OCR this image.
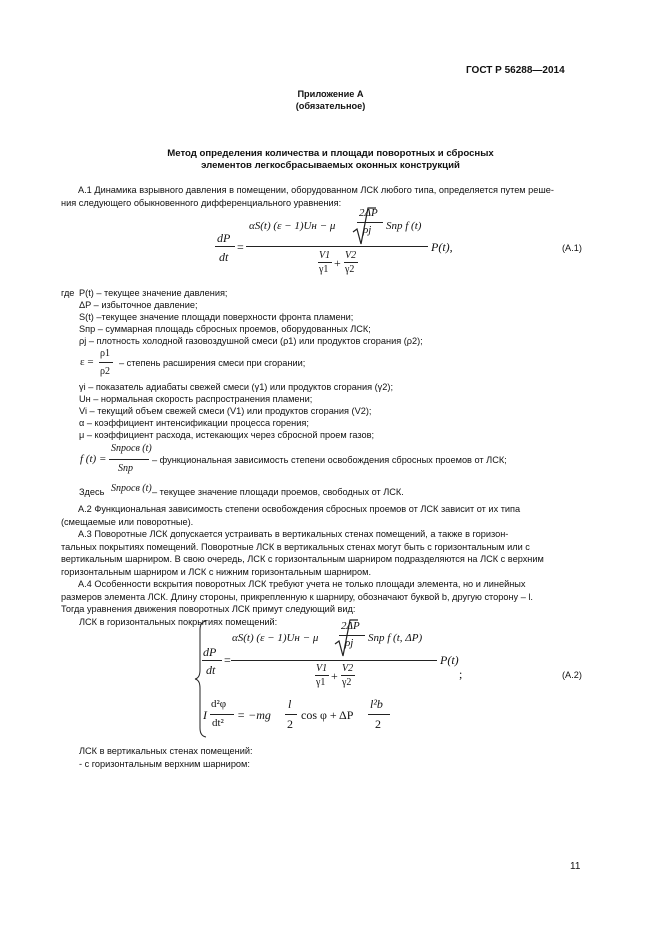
ГОСТ Р 56288—2014
Приложение А
(обязательное)
Метод определения количества и площади поворотных и сбросных
элементов легкосбрасываемых оконных конструкций
А.1 Динамика взрывного давления в помещении, оборудованном ЛСК любого типа, определяется путем реше-
ния следующего обыкновенного дифференциального уравнения:
dP
dt
=
αS(t) (ε − 1)Uн − μ
2ΔP
ρj Sпр f (t)
V1
γ1 +
V2
γ2
P(t),	(А.1)
где P(t) – текущее значение давления;
ΔP – избыточное давление;
S(t) –текущее значение площади поверхности фронта пламени;
Sпр – суммарная площадь сбросных проемов, оборудованных ЛСК;
ρj – плотность холодной газовоздушной смеси (ρ1) или продуктов сгорания (ρ2);
ε =
ρ1
ρ2
– степень расширения смеси при сгорании;
γi – показатель адиабаты свежей смеси (γ1) или продуктов сгорания (γ2);
Uн – нормальная скорость распространения пламени;
Vi – текущий объем свежей смеси (V1) или продуктов сгорания (V2);
α – коэффициент интенсификации процесса горения;
μ – коэффициент расхода, истекающих через сбросной проем газов;
f (t) =
Sпросв (t)
Sпр
– функциональная зависимость степени освобождения сбросных проемов от ЛСК;
Здесь Sпросв (t) – текущее значение площади проемов, свободных от ЛСК.
А.2 Функциональная зависимость степени освобождения сбросных проемов от ЛСК зависит от их типа
(смещаемые или поворотные).
А.3 Поворотные ЛСК допускается устраивать в вертикальных стенах помещений, а также в горизон-
тальных покрытиях помещений. Поворотные ЛСК в вертикальных стенах могут быть с горизонтальным или с
вертикальным шарниром. В свою очередь, ЛСК с горизонтальным шарниром подразделяются на ЛСК с верхним
горизонтальным шарниром и ЛСК с нижним горизонтальным шарниром.
А.4 Особенности вскрытия поворотных ЛСК требуют учета не только площади элемента, но и линейных
размеров элемента ЛСК. Длину стороны, прикрепленную к шарниру, обозначают буквой b, другую сторону – l.
Тогда уравнения движения поворотных ЛСК примут следующий вид:
ЛСК в горизонтальных покрытиях помещений:
dP
dt
=
αS(t) (ε − 1)Uн − μ
2ΔP
ρj Sпр f (t, ΔP)
V1
γ1 +
V2
γ2
P(t)
;	(А.2)
I
d²φ
dt²
= −mg
l
2
cos φ + ΔP
l²b
2
ЛСК в вертикальных стенах помещений:
- с горизонтальным верхним шарниром:
11
